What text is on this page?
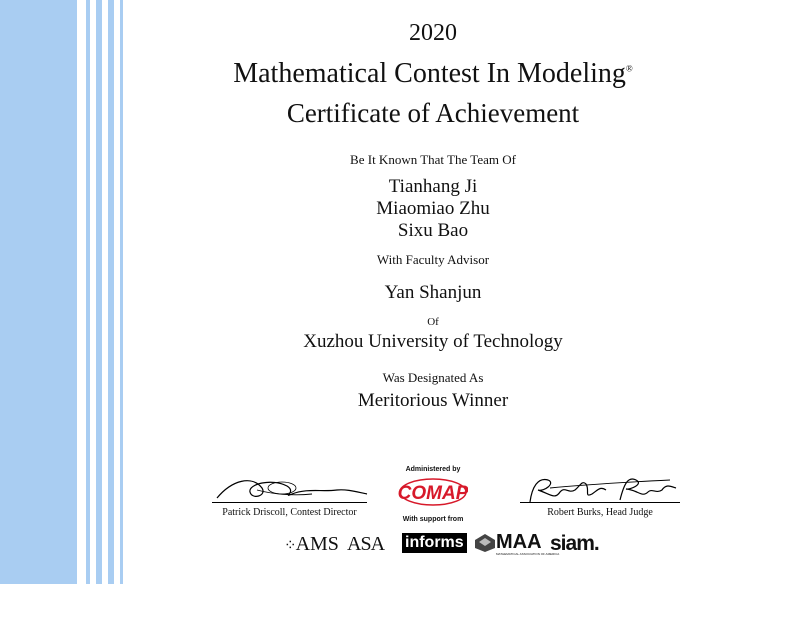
2020
Mathematical Contest In Modeling®
Certificate of Achievement
Be It Known That The Team Of
Tianhang Ji
Miaomiao Zhu
Sixu Bao
With Faculty Advisor
Yan Shanjun
Of
Xuzhou University of Technology
Was Designated As
Meritorious Winner
Patrick Driscoll, Contest Director
Administered by
COMAP
With support from
Robert Burks, Head Judge
⁘AMS ASA informs	MAA
MATHEMATICAL ASSOCIATION OF AMERICA
siam.
